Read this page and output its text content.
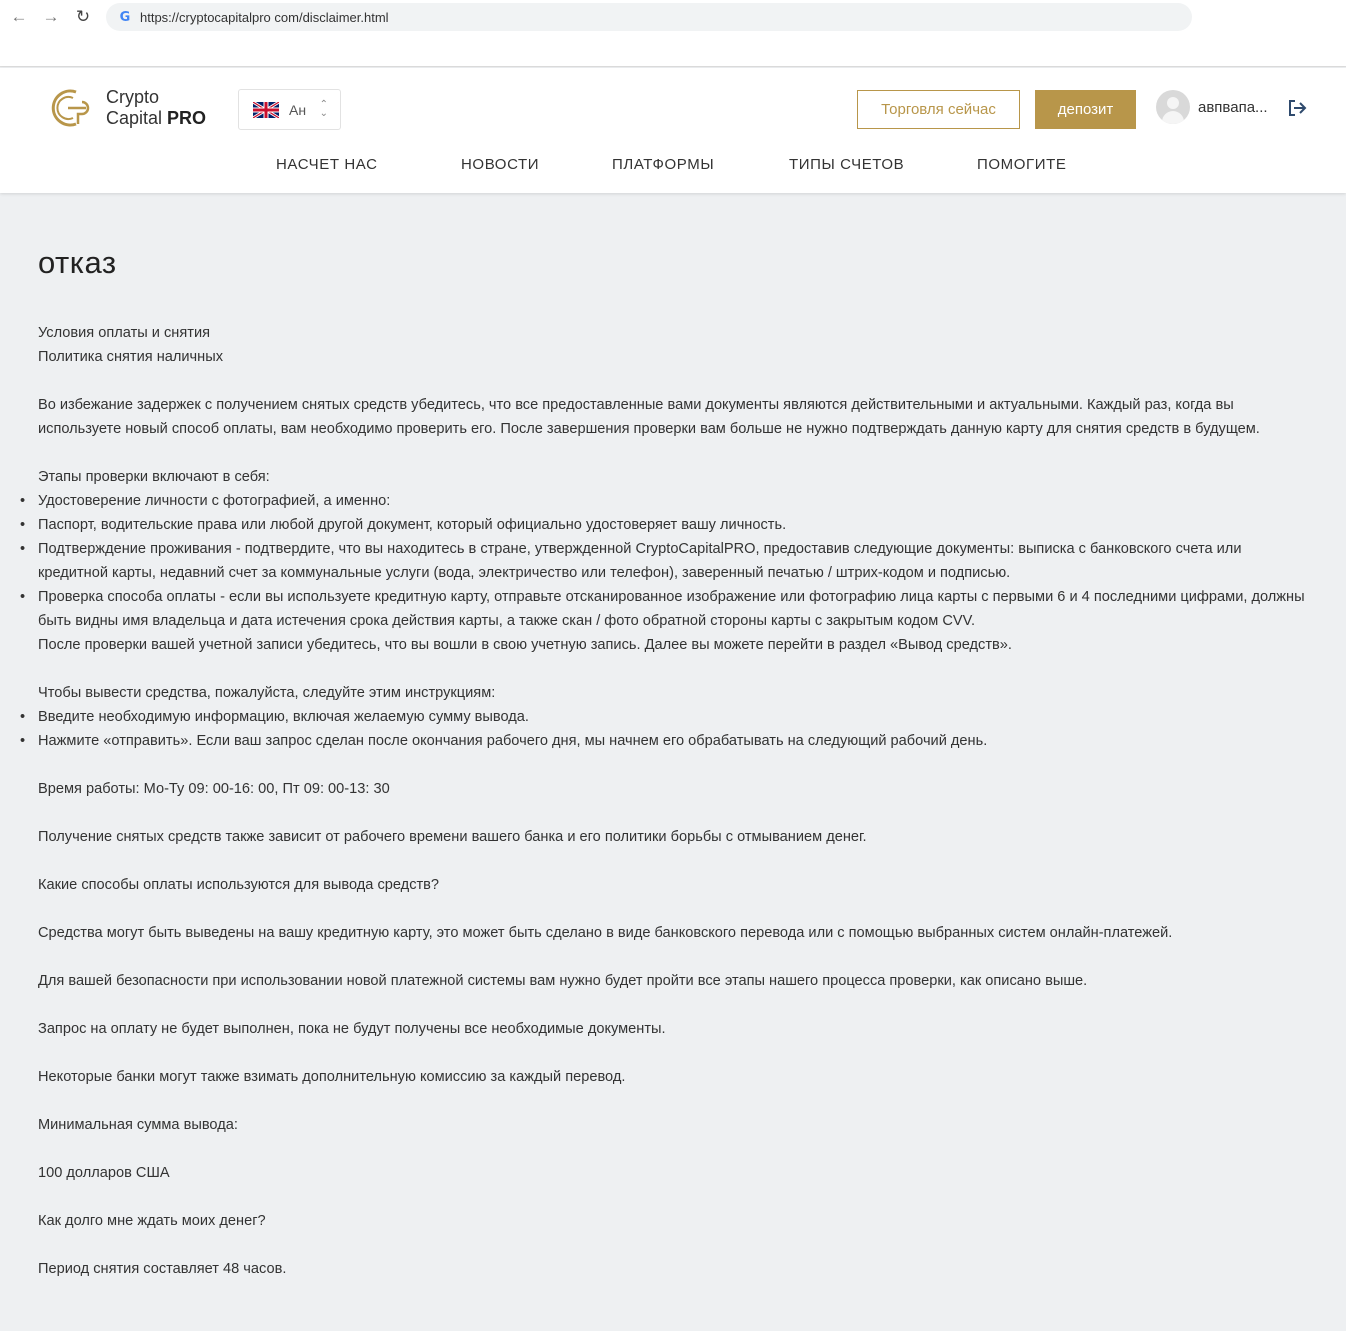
← → ↻ G https://cryptocapitalpro com/disclaimer.html
Crypto
Capital PRO	Ан ⌃
⌄	Торговля сейчас	депозит	авпвапа...
НАСЧЕТ НАС	НОВОСТИ	ПЛАТФОРМЫ	ТИПЫ СЧЕТОВ	ПОМОГИТЕ
отказ

Условия оплаты и снятия

Политика снятия наличных

Во избежание задержек с получением снятых средств убедитесь, что все предоставленные вами документы являются действительными и актуальными. Каждый раз, когда вы используете новый способ оплаты, вам необходимо проверить его. После завершения проверки вам больше не нужно подтверждать данную карту для снятия средств в будущем.

Этапы проверки включают в себя:

• Удостоверение личности с фотографией, а именно:
• Паспорт, водительские права или любой другой документ, который официально удостоверяет вашу личность.
• Подтверждение проживания - подтвердите, что вы находитесь в стране, утвержденной CryptoCapitalPRO, предоставив следующие документы: выписка с банковского счета или кредитной карты, недавний счет за коммунальные услуги (вода, электричество или телефон), заверенный печатью / штрих-кодом и подписью.
• Проверка способа оплаты - если вы используете кредитную карту, отправьте отсканированное изображение или фотографию лица карты с первыми 6 и 4 последними цифрами, должны быть видны имя владельца и дата истечения срока действия карты, а также скан / фото обратной стороны карты с закрытым кодом CVV.

После проверки вашей учетной записи убедитесь, что вы вошли в свою учетную запись. Далее вы можете перейти в раздел «Вывод средств».

Чтобы вывести средства, пожалуйста, следуйте этим инструкциям:

• Введите необходимую информацию, включая желаемую сумму вывода.
• Нажмите «отправить». Если ваш запрос сделан после окончания рабочего дня, мы начнем его обрабатывать на следующий рабочий день.

Время работы: Мо-Ту 09: 00-16: 00, Пт 09: 00-13: 30

Получение снятых средств также зависит от рабочего времени вашего банка и его политики борьбы с отмыванием денег.

Какие способы оплаты используются для вывода средств?

Средства могут быть выведены на вашу кредитную карту, это может быть сделано в виде банковского перевода или с помощью выбранных систем онлайн-платежей.

Для вашей безопасности при использовании новой платежной системы вам нужно будет пройти все этапы нашего процесса проверки, как описано выше.

Запрос на оплату не будет выполнен, пока не будут получены все необходимые документы.

Некоторые банки могут также взимать дополнительную комиссию за каждый перевод.

Минимальная сумма вывода:

100 долларов США

Как долго мне ждать моих денег?

Период снятия составляет 48 часов.
